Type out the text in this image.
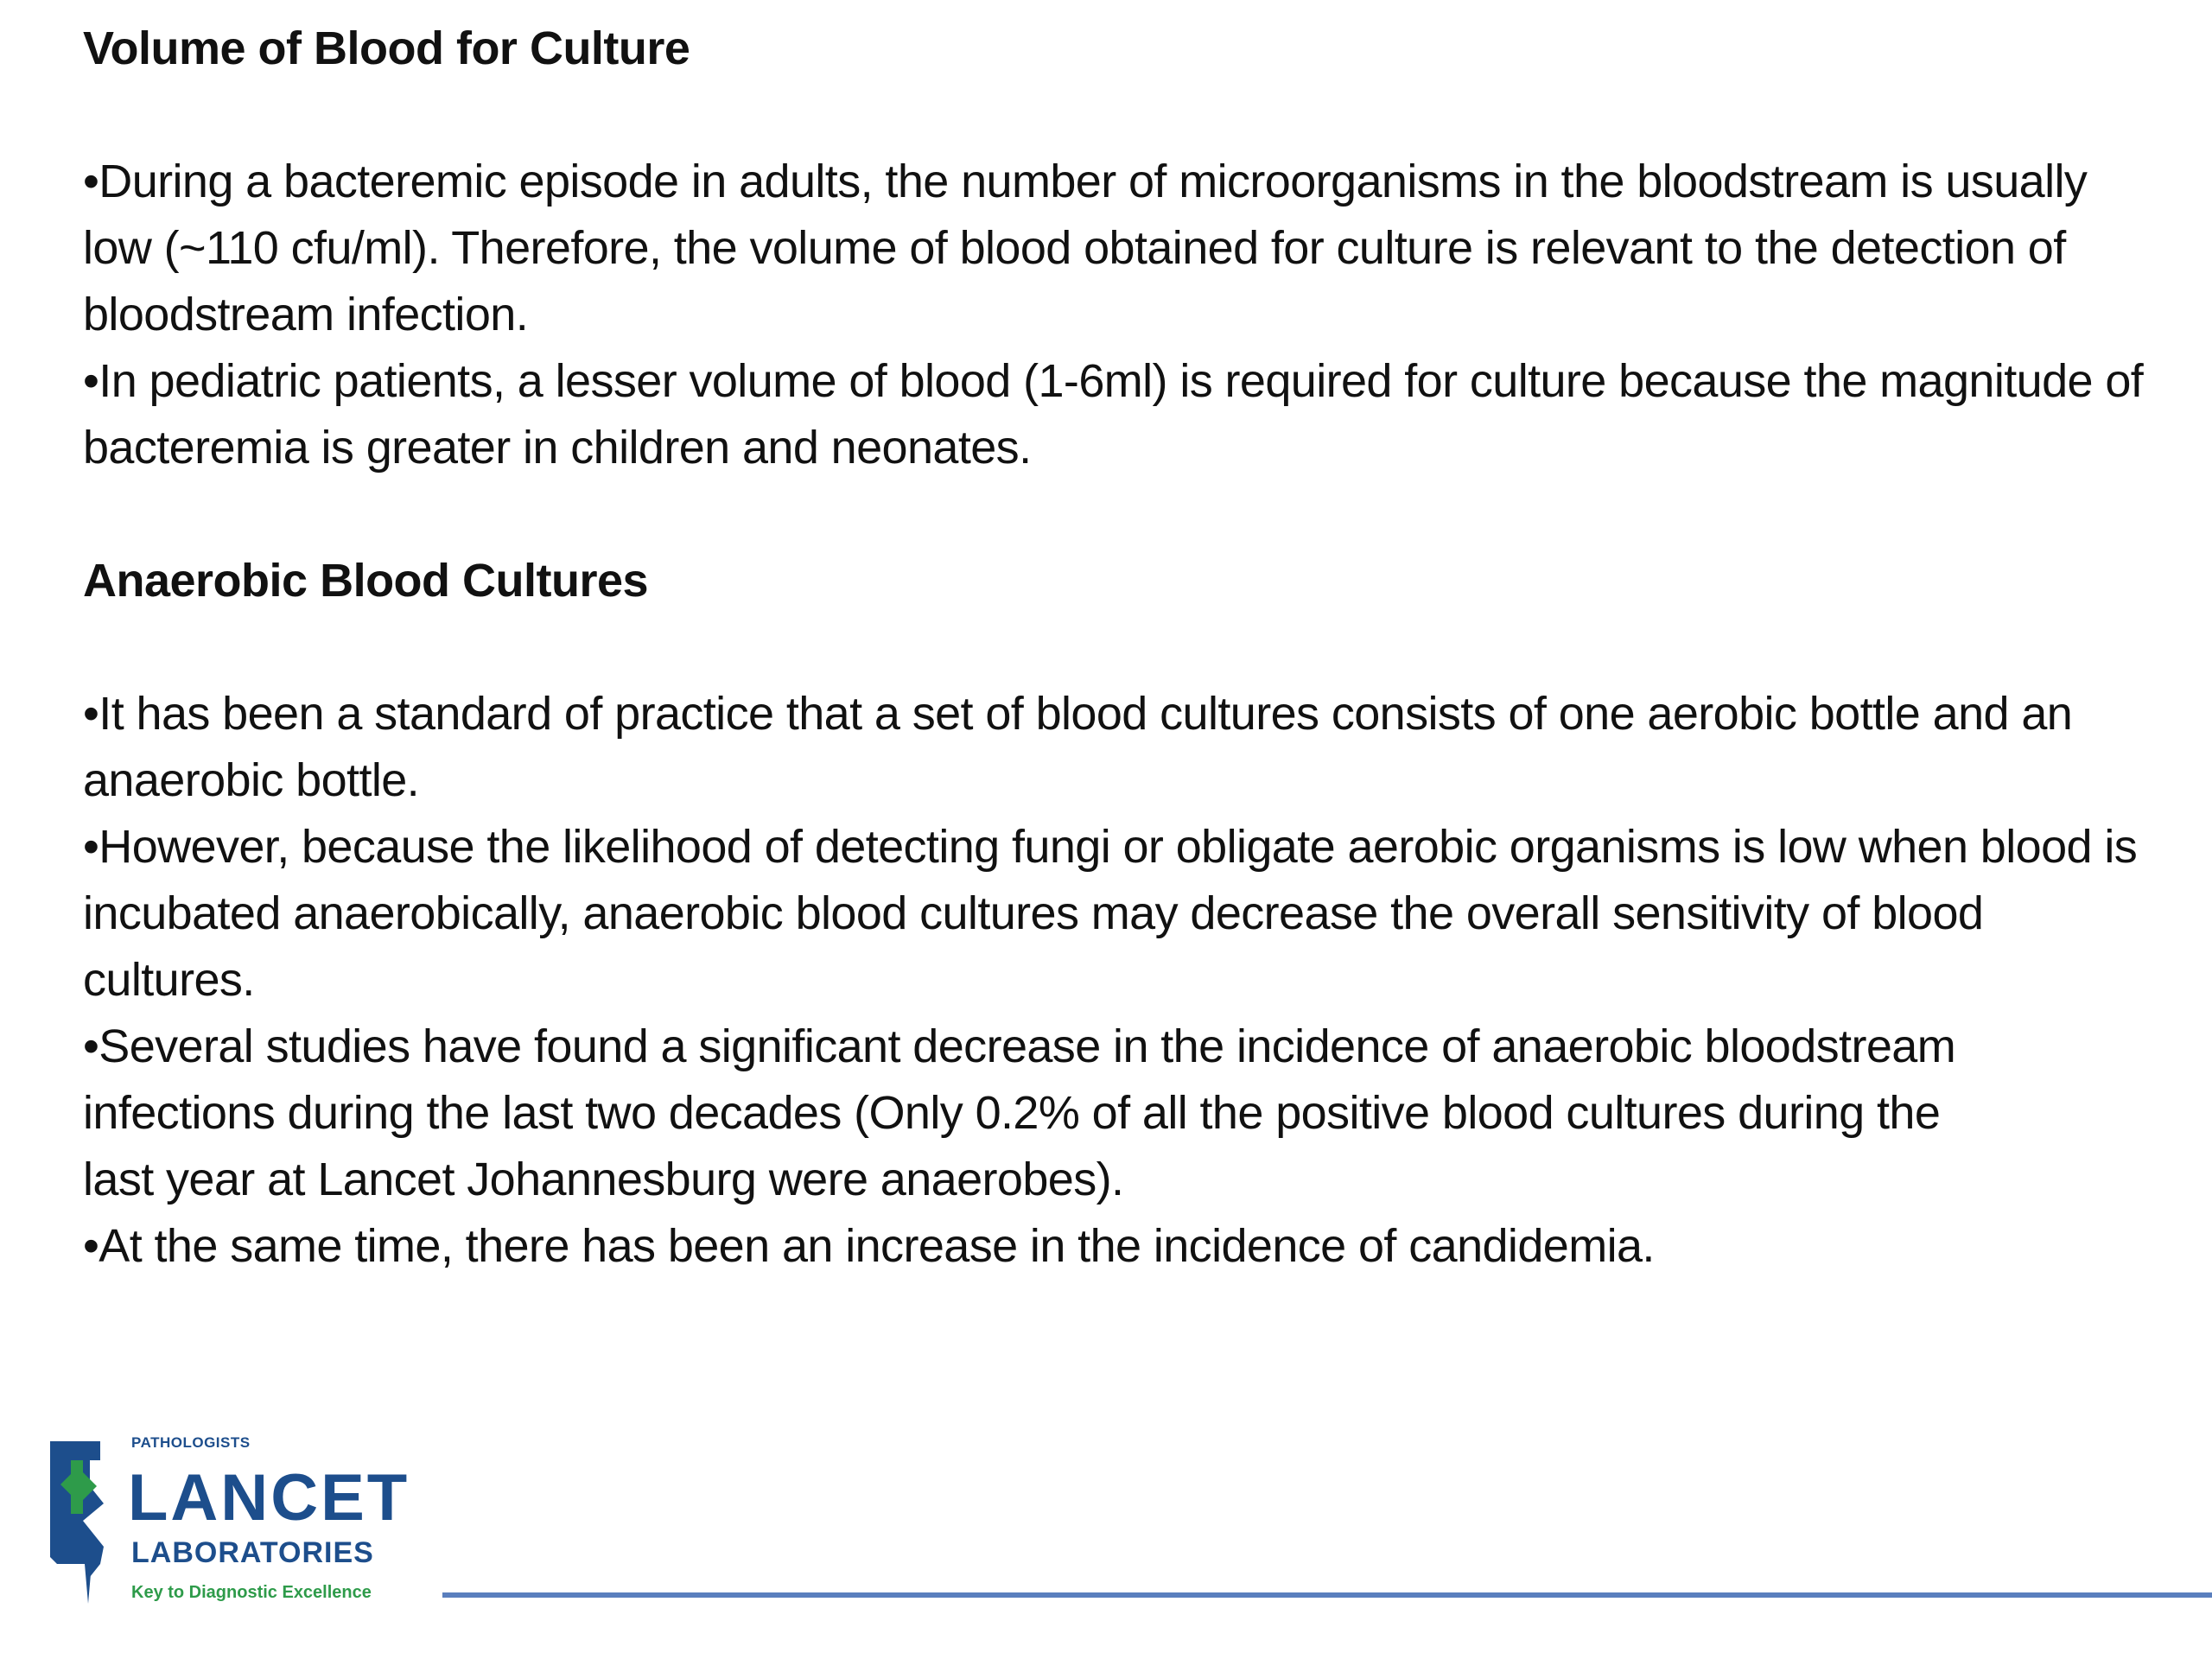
Volume of Blood for Culture

•During a bacteremic episode in adults, the number of microorganisms in the bloodstream is usually

low (~110 cfu/ml). Therefore, the volume of blood obtained for culture is relevant to the detection of

bloodstream infection.

•In pediatric patients, a lesser volume of blood (1-6ml) is required for culture because the magnitude of

bacteremia is greater in children and neonates.

Anaerobic Blood Cultures

•It has been a standard of practice that a set of blood cultures consists of one aerobic bottle and an

anaerobic bottle.

•However, because the likelihood of detecting fungi or obligate aerobic organisms is low when blood is

incubated anaerobically, anaerobic blood cultures may decrease the overall sensitivity of blood

cultures.

•Several studies have found a significant decrease in the incidence of anaerobic bloodstream

infections during the last two decades (Only 0.2% of all the positive blood cultures during the

last year at Lancet Johannesburg were anaerobes).

•At the same time, there has been an increase in the incidence of candidemia.

PATHOLOGISTS
LANCET
LABORATORIES
Key to Diagnostic Excellence
